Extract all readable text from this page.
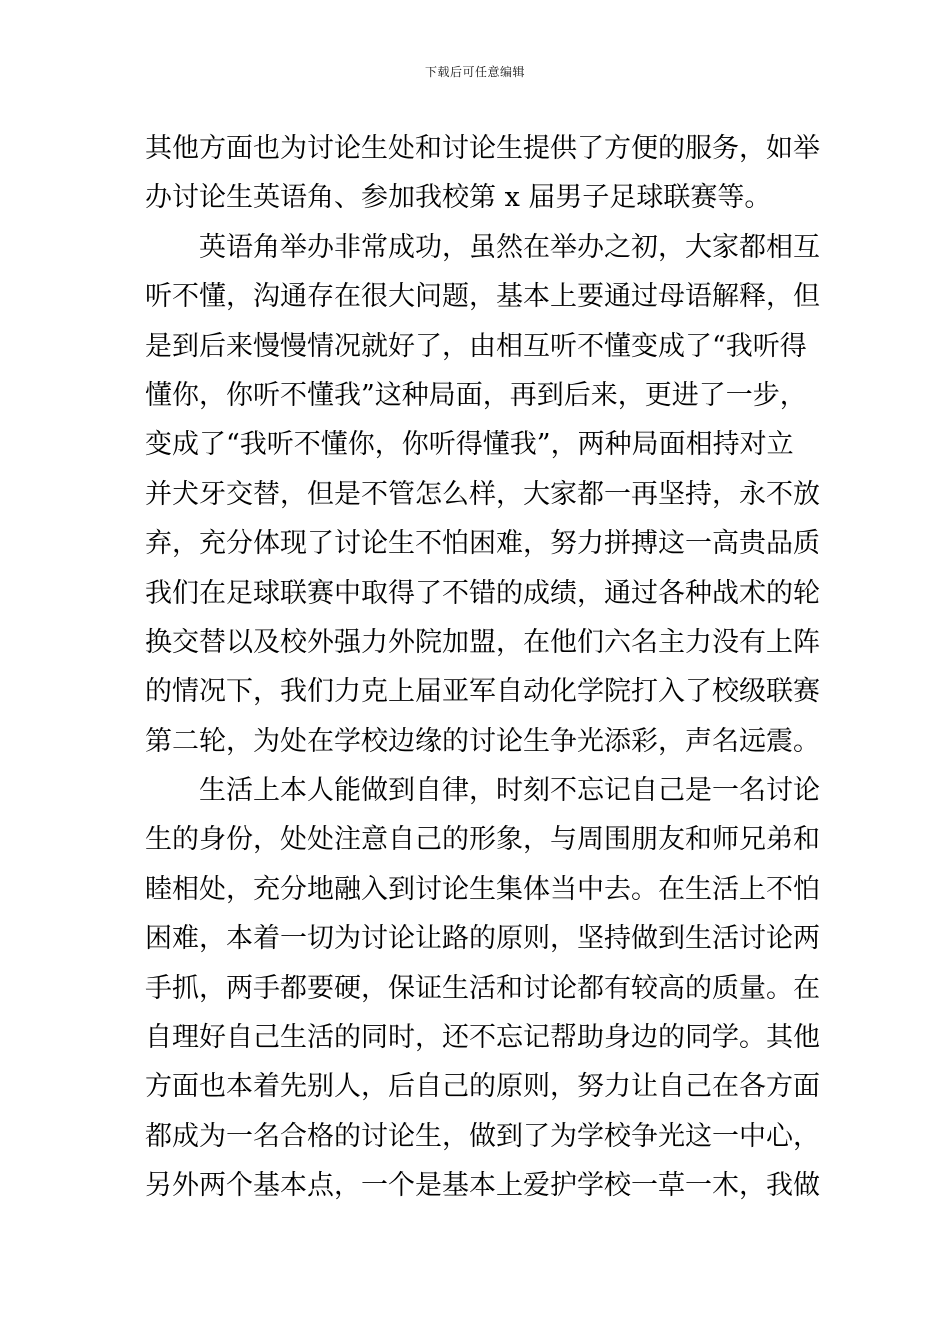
下载后可任意编辑
其他方面也为讨论生处和讨论生提供了方便的服务，如举
办讨论生英语角、参加我校第 x 届男子足球联赛等。
英语角举办非常成功，虽然在举办之初，大家都相互
听不懂，沟通存在很大问题，基本上要通过母语解释，但
是到后来慢慢情况就好了，由相互听不懂变成了“我听得
懂你，你听不懂我”这种局面，再到后来，更进了一步，
变成了“我听不懂你，你听得懂我”，两种局面相持对立
并犬牙交替，但是不管怎么样，大家都一再坚持，永不放
弃，充分体现了讨论生不怕困难，努力拼搏这一高贵品质
我们在足球联赛中取得了不错的成绩，通过各种战术的轮
换交替以及校外强力外院加盟，在他们六名主力没有上阵
的情况下，我们力克上届亚军自动化学院打入了校级联赛
第二轮，为处在学校边缘的讨论生争光添彩，声名远震。
生活上本人能做到自律，时刻不忘记自己是一名讨论
生的身份，处处注意自己的形象，与周围朋友和师兄弟和
睦相处，充分地融入到讨论生集体当中去。在生活上不怕
困难，本着一切为讨论让路的原则，坚持做到生活讨论两
手抓，两手都要硬，保证生活和讨论都有较高的质量。在
自理好自己生活的同时，还不忘记帮助身边的同学。其他
方面也本着先别人，后自己的原则，努力让自己在各方面
都成为一名合格的讨论生，做到了为学校争光这一中心，
另外两个基本点，一个是基本上爱护学校一草一木，我做
